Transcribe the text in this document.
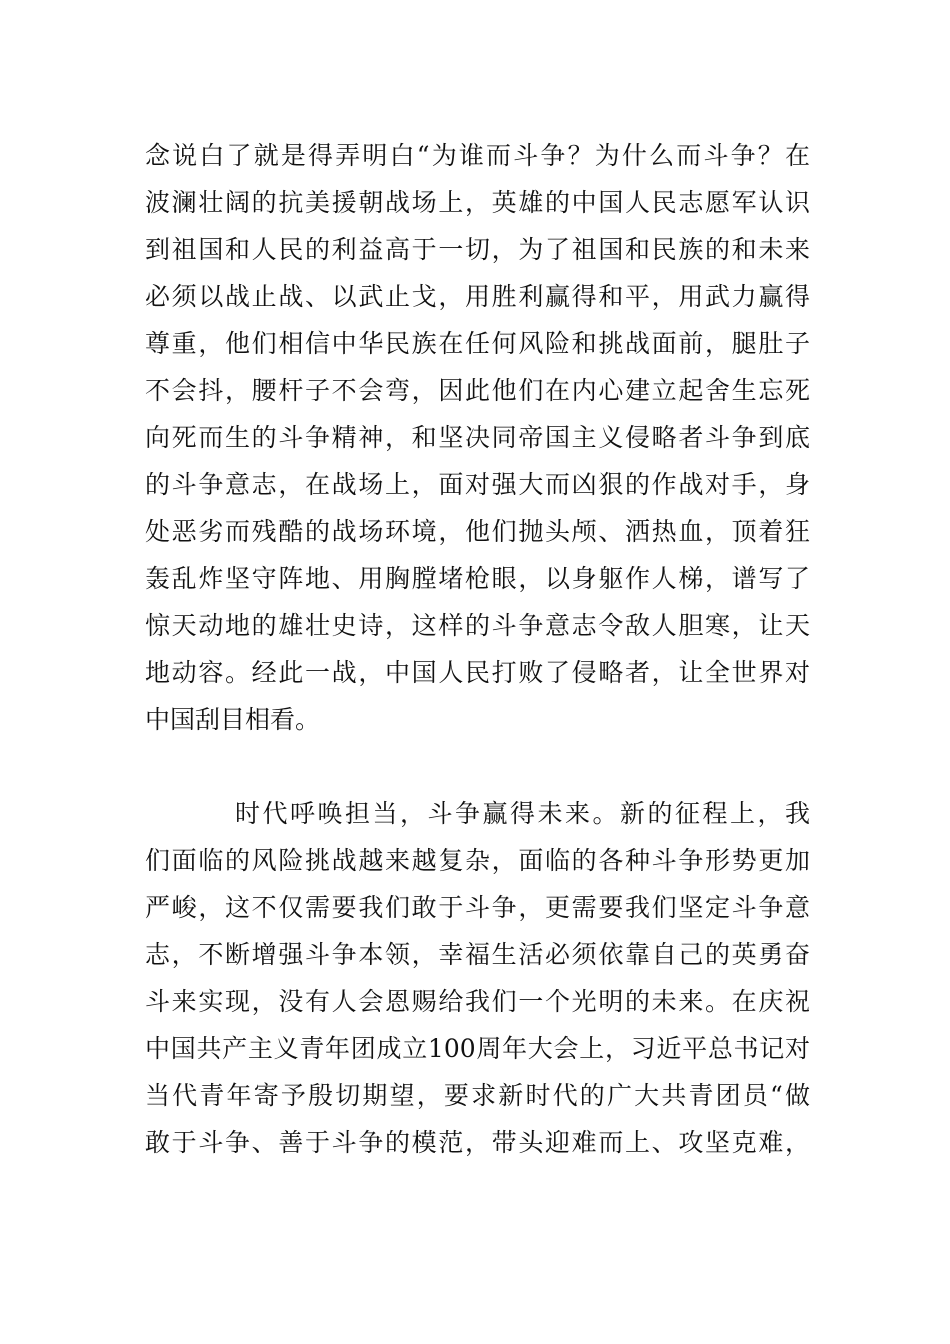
念说白了就是得弄明白“为谁而斗争？为什么而斗争？在
波澜壮阔的抗美援朝战场上，英雄的中国人民志愿军认识
到祖国和人民的利益高于一切，为了祖国和民族的和未来
必须以战止战、以武止戈，用胜利赢得和平，用武力赢得
尊重，他们相信中华民族在任何风险和挑战面前，腿肚子
不会抖，腰杆子不会弯，因此他们在内心建立起舍生忘死
向死而生的斗争精神，和坚决同帝国主义侵略者斗争到底
的斗争意志，在战场上，面对强大而凶狠的作战对手，身
处恶劣而残酷的战场环境，他们抛头颅、洒热血，顶着狂
轰乱炸坚守阵地、用胸膛堵枪眼，以身躯作人梯，谱写了
惊天动地的雄壮史诗，这样的斗争意志令敌人胆寒，让天
地动容。经此一战，中国人民打败了侵略者，让全世界对
中国刮目相看。
时代呼唤担当，斗争赢得未来。新的征程上，我
们面临的风险挑战越来越复杂，面临的各种斗争形势更加
严峻，这不仅需要我们敢于斗争，更需要我们坚定斗争意
志，不断增强斗争本领，幸福生活必须依靠自己的英勇奋
斗来实现，没有人会恩赐给我们一个光明的未来。在庆祝
中国共产主义青年团成立100周年大会上，习近平总书记对
当代青年寄予殷切期望，要求新时代的广大共青团员“做
敢于斗争、善于斗争的模范，带头迎难而上、攻坚克难，
